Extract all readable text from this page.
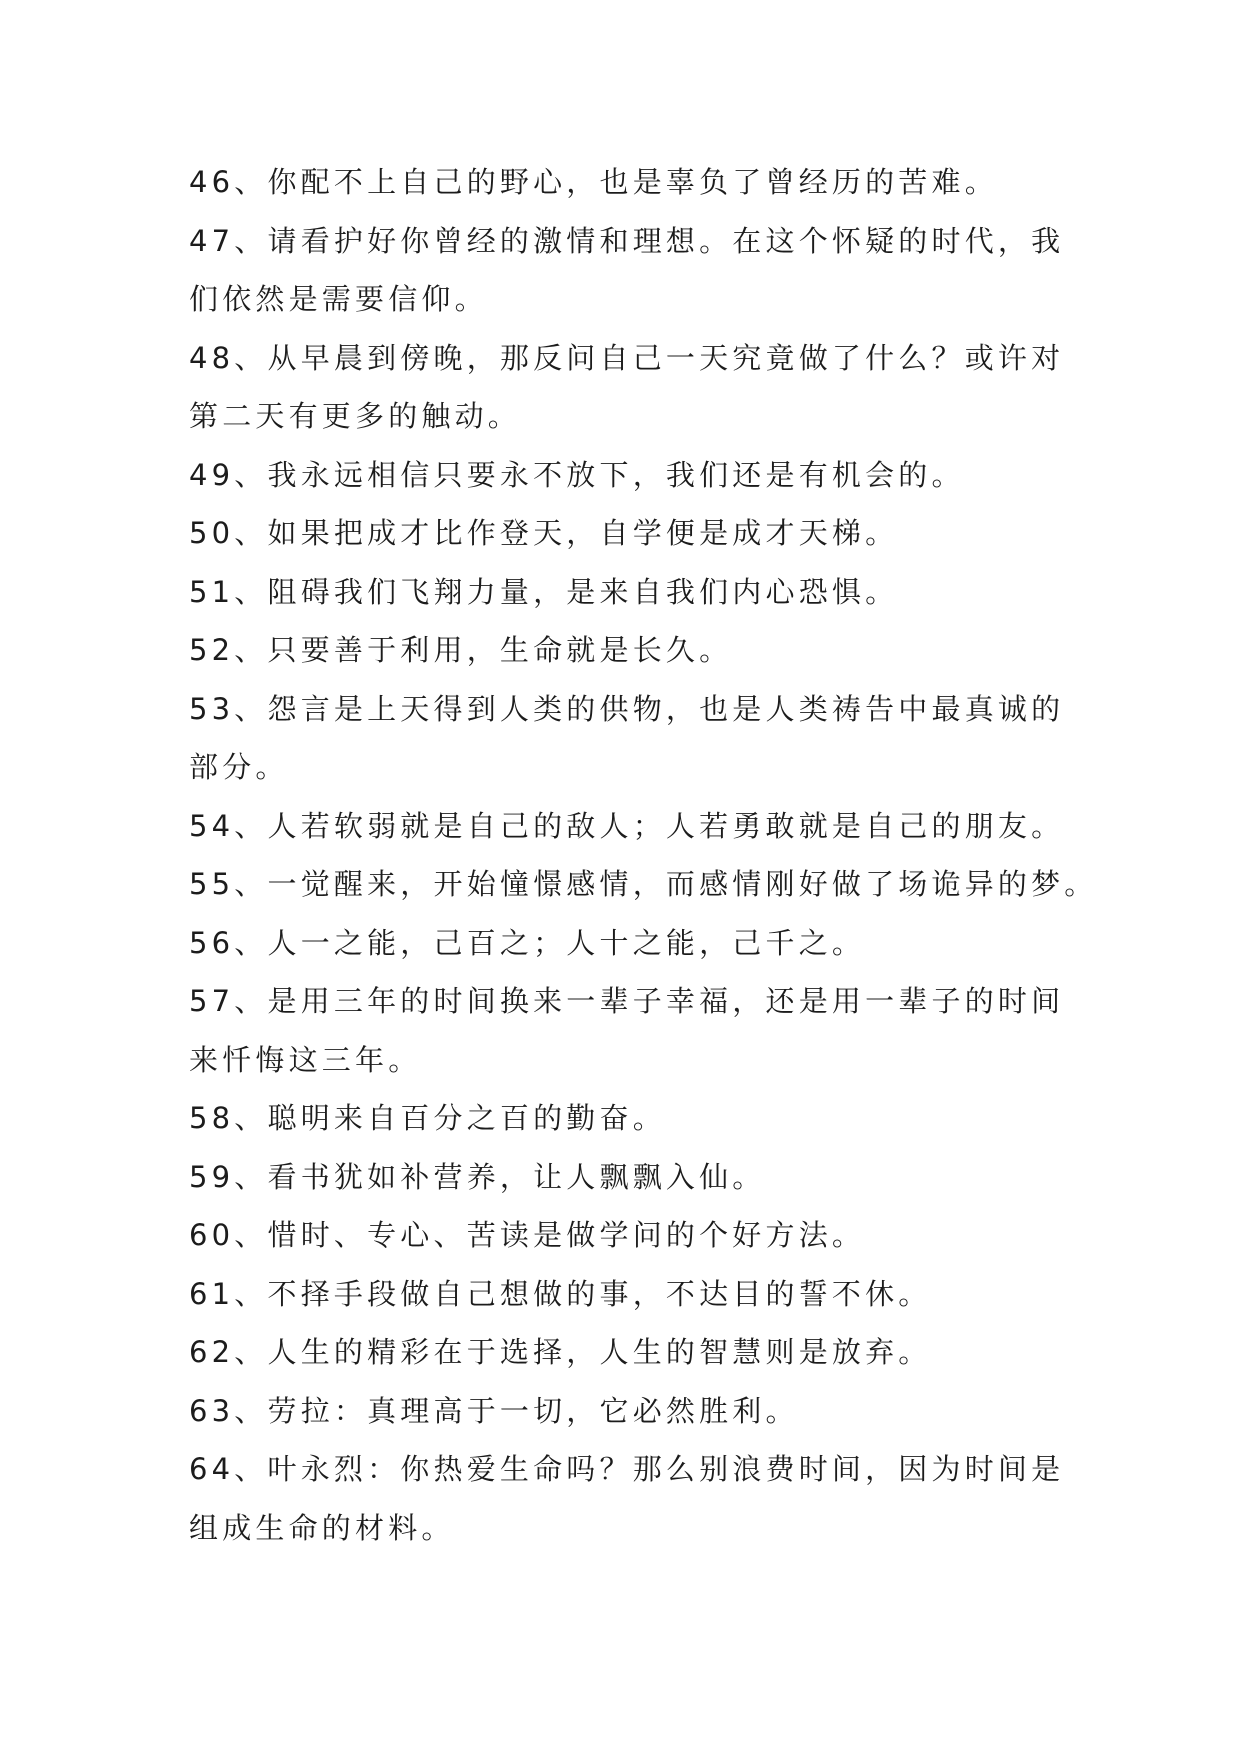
46、你配不上自己的野心，也是辜负了曾经历的苦难。
47、请看护好你曾经的激情和理想。在这个怀疑的时代，我
们依然是需要信仰。
48、从早晨到傍晚，那反问自己一天究竟做了什么？或许对
第二天有更多的触动。
49、我永远相信只要永不放下，我们还是有机会的。
50、如果把成才比作登天，自学便是成才天梯。
51、阻碍我们飞翔力量，是来自我们内心恐惧。
52、只要善于利用，生命就是长久。
53、怨言是上天得到人类的供物，也是人类祷告中最真诚的
部分。
54、人若软弱就是自己的敌人；人若勇敢就是自己的朋友。
55、一觉醒来，开始憧憬感情，而感情刚好做了场诡异的梦。
56、人一之能，己百之；人十之能，己千之。
57、是用三年的时间换来一辈子幸福，还是用一辈子的时间
来忏悔这三年。
58、聪明来自百分之百的勤奋。
59、看书犹如补营养，让人飘飘入仙。
60、惜时、专心、苦读是做学问的个好方法。
61、不择手段做自己想做的事，不达目的誓不休。
62、人生的精彩在于选择，人生的智慧则是放弃。
63、劳拉：真理高于一切，它必然胜利。
64、叶永烈：你热爱生命吗？那么别浪费时间，因为时间是
组成生命的材料。
